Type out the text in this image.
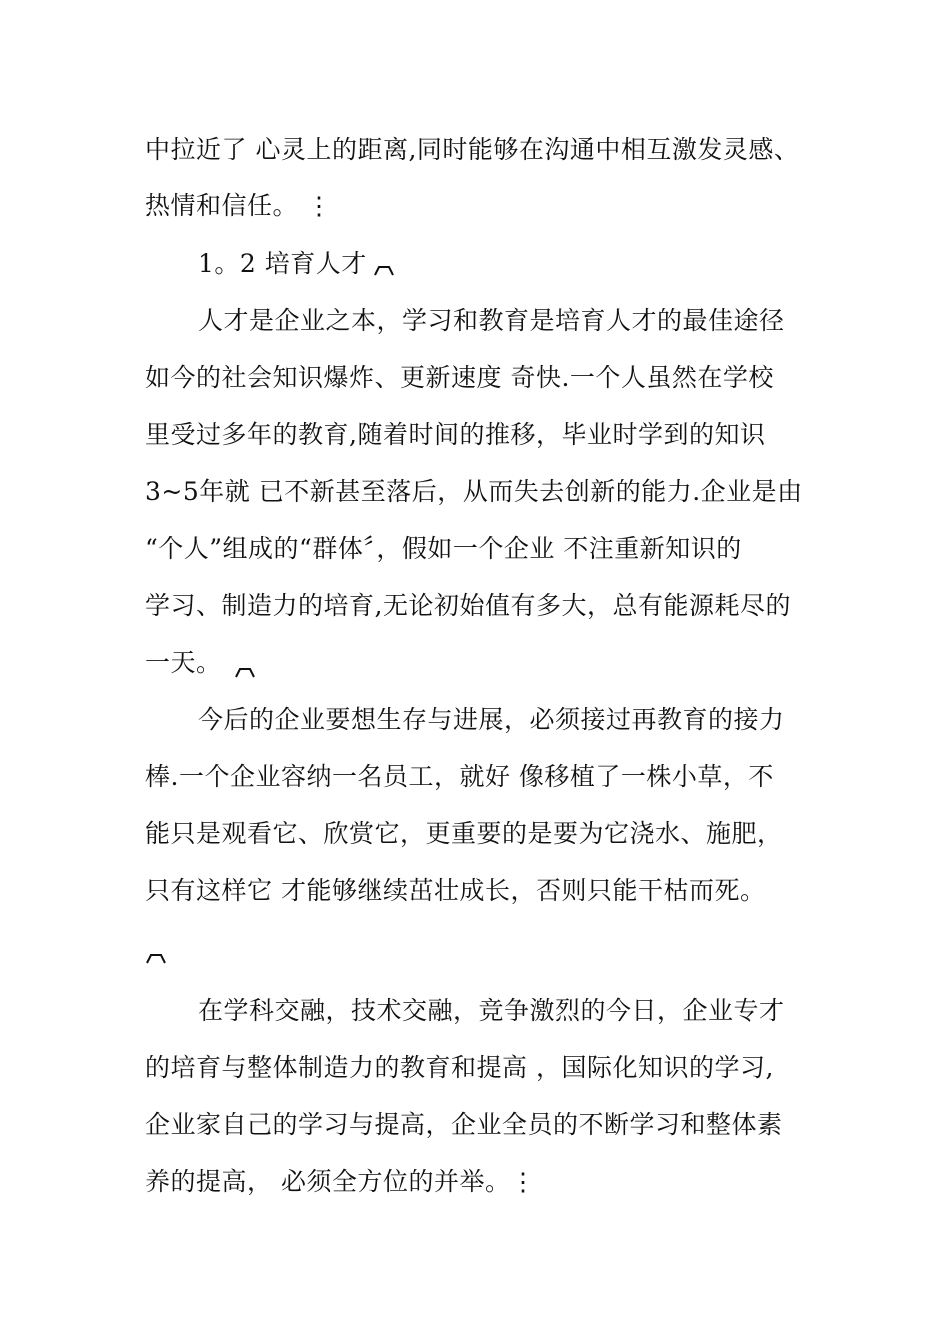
中拉近了 心灵上的距离,同时能够在沟通中相互激发灵感、
热情和信任。 ⋮
1。2 培育人才
人才是企业之本，学习和教育是培育人才的最佳途径
如今的社会知识爆炸、更新速度 奇快.一个人虽然在学校
里受过多年的教育,随着时间的推移，毕业时学到的知识
3~5年就 已不新甚至落后，从而失去创新的能力.企业是由
“个人”组成的“群体〞，假如一个企业 不注重新知识的
学习、制造力的培育,无论初始值有多大，总有能源耗尽的
一天。
今后的企业要想生存与进展，必须接过再教育的接力
棒.一个企业容纳一名员工，就好 像移植了一株小草，不
能只是观看它、欣赏它，更重要的是要为它浇水、施肥，
只有这样它 才能够继续茁壮成长，否则只能干枯而死。
在学科交融，技术交融，竞争激烈的今日，企业专才
的培育与整体制造力的教育和提高 ，国际化知识的学习,
企业家自己的学习与提高，企业全员的不断学习和整体素
养的提高， 必须全方位的并举。⋮
